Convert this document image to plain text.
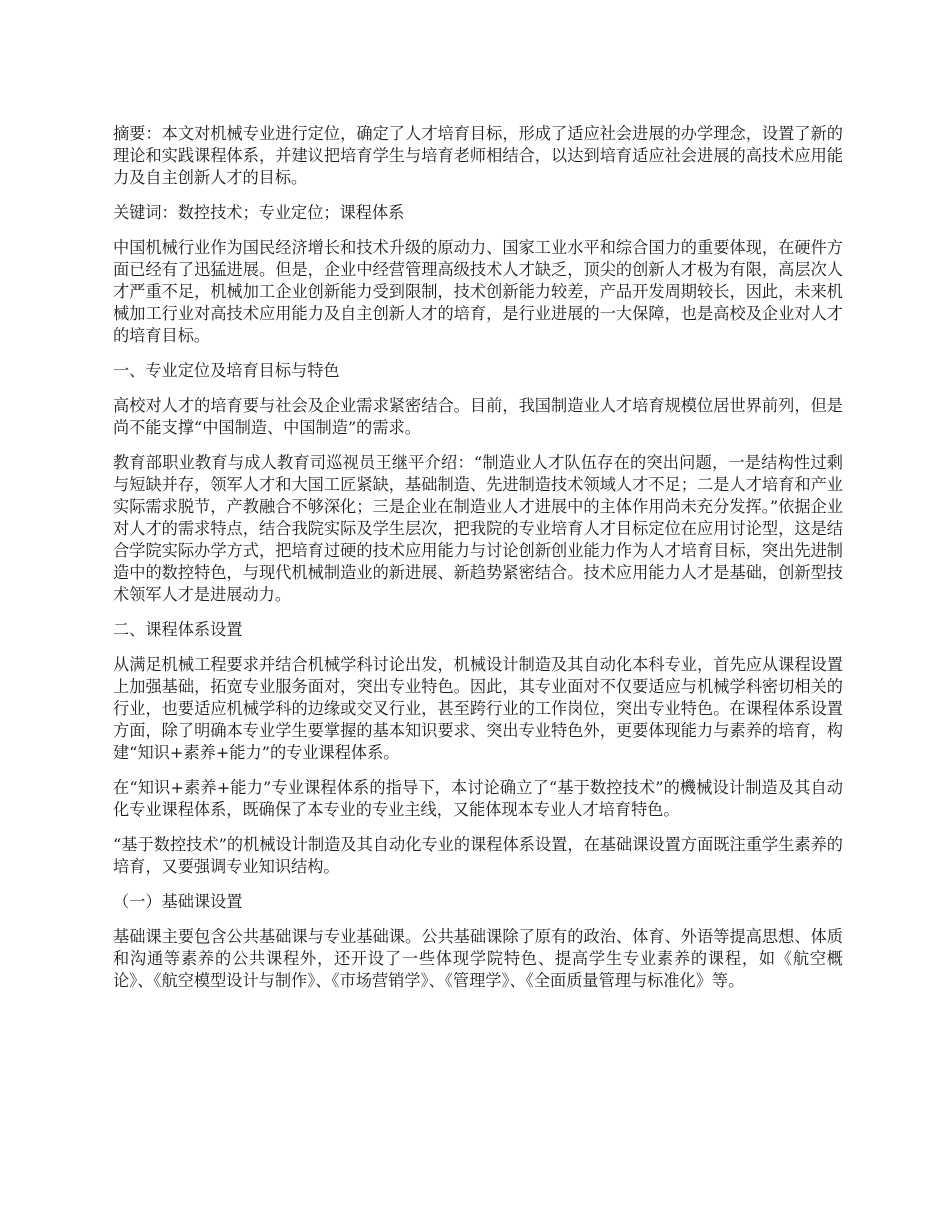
摘要：本文对机械专业进行定位，确定了人才培育目标，形成了适应社会进展的办学理念，设置了新的理论和实践课程体系，并建议把培育学生与培育老师相结合，以达到培育适应社会进展的高技术应用能力及自主创新人才的目标。

关键词：数控技术；专业定位；课程体系

中国机械行业作为国民经济增长和技术升级的原动力、国家工业水平和综合国力的重要体现，在硬件方面已经有了迅猛进展。但是，企业中经营管理高级技术人才缺乏，顶尖的创新人才极为有限，高层次人才严重不足，机械加工企业创新能力受到限制，技术创新能力较差，产品开发周期较长，因此，未来机械加工行业对高技术应用能力及自主创新人才的培育，是行业进展的一大保障，也是高校及企业对人才的培育目标。

一、专业定位及培育目标与特色

高校对人才的培育要与社会及企业需求紧密结合。目前，我国制造业人才培育规模位居世界前列，但是尚不能支撑“中国制造、中国制造”的需求。

教育部职业教育与成人教育司巡视员王继平介绍：“制造业人才队伍存在的突出问题，一是结构性过剩与短缺并存，领军人才和大国工匠紧缺，基础制造、先进制造技术领域人才不足；二是人才培育和产业实际需求脱节，产教融合不够深化；三是企业在制造业人才进展中的主体作用尚未充分发挥。”依据企业对人才的需求特点，结合我院实际及学生层次，把我院的专业培育人才目标定位在应用讨论型，这是结合学院实际办学方式，把培育过硬的技术应用能力与讨论创新创业能力作为人才培育目标，突出先进制造中的数控特色，与现代机械制造业的新进展、新趋势紧密结合。技术应用能力人才是基础，创新型技术领军人才是进展动力。

二、课程体系设置

从满足机械工程要求并结合机械学科讨论出发，机械设计制造及其自动化本科专业，首先应从课程设置上加强基础，拓宽专业服务面对，突出专业特色。因此，其专业面对不仅要适应与机械学科密切相关的行业，也要适应机械学科的边缘或交叉行业，甚至跨行业的工作岗位，突出专业特色。在课程体系设置方面，除了明确本专业学生要掌握的基本知识要求、突出专业特色外，更要体现能力与素养的培育，构建“知识+素养+能力”的专业课程体系。

在“知识+素养+能力”专业课程体系的指导下，本讨论确立了“基于数控技术”的機械设计制造及其自动化专业课程体系，既确保了本专业的专业主线，又能体现本专业人才培育特色。

“基于数控技术”的机械设计制造及其自动化专业的课程体系设置，在基础课设置方面既注重学生素养的培育，又要强调专业知识结构。

（一）基础课设置

基础课主要包含公共基础课与专业基础课。公共基础课除了原有的政治、体育、外语等提高思想、体质和沟通等素养的公共课程外，还开设了一些体现学院特色、提高学生专业素养的课程，如《航空概论》、《航空模型设计与制作》、《市场营销学》、《管理学》、《全面质量管理与标准化》等。
